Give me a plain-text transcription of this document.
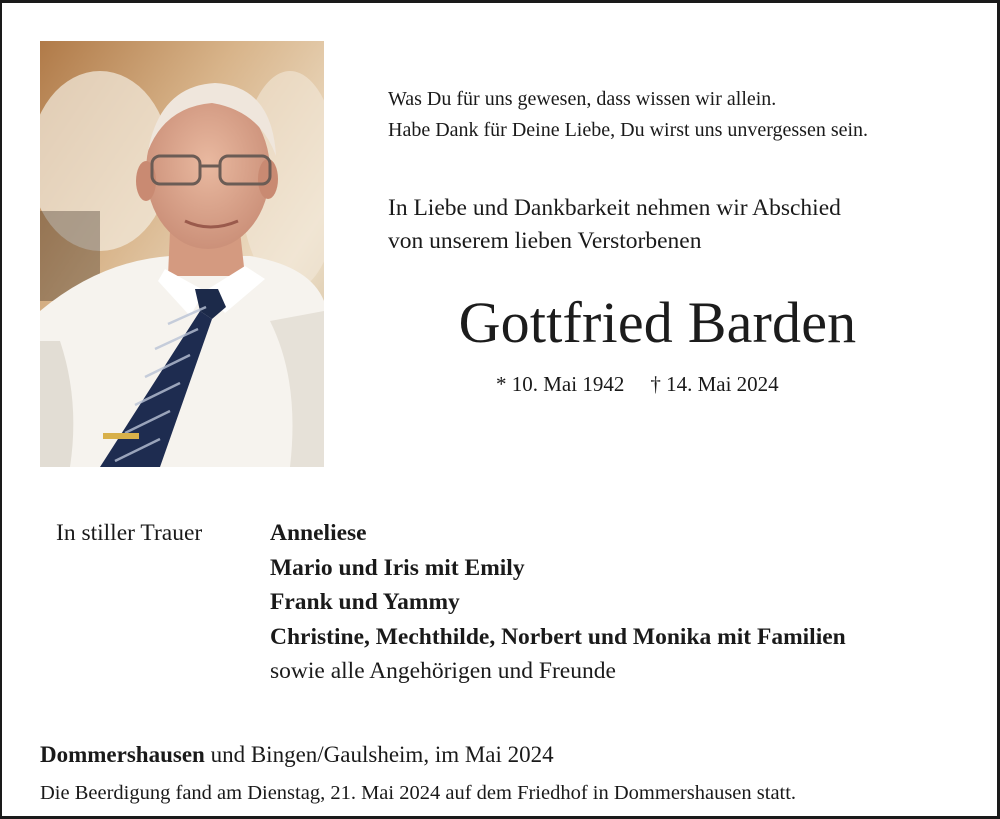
Was Du für uns gewesen, dass wissen wir allein.
Habe Dank für Deine Liebe, Du wirst uns unvergessen sein.
In Liebe und Dankbarkeit nehmen wir Abschied
von unserem lieben Verstorbenen
Gottfried Barden
* 10. Mai 1942 † 14. Mai 2024
In stiller Trauer	Anneliese
Mario und Iris mit Emily
Frank und Yammy
Christine, Mechthilde, Norbert und Monika mit Familien
sowie alle Angehörigen und Freunde
Dommershausen und Bingen/Gaulsheim, im Mai 2024
Die Beerdigung fand am Dienstag, 21. Mai 2024 auf dem Friedhof in Dommershausen statt.
